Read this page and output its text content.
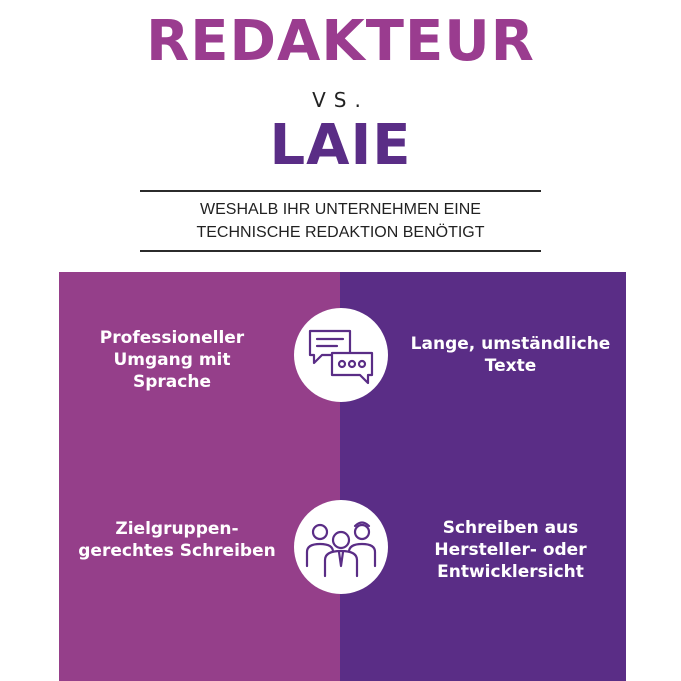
REDAKTEUR
VS.
LAIE
WESHALB IHR UNTERNEHMEN EINE
TECHNISCHE REDAKTION BENÖTIGT
Professioneller
Umgang mit
Sprache
Zielgruppen-
gerechtes Schreiben
Lange, umständliche
Texte
Schreiben aus
Hersteller- oder
Entwicklersicht
